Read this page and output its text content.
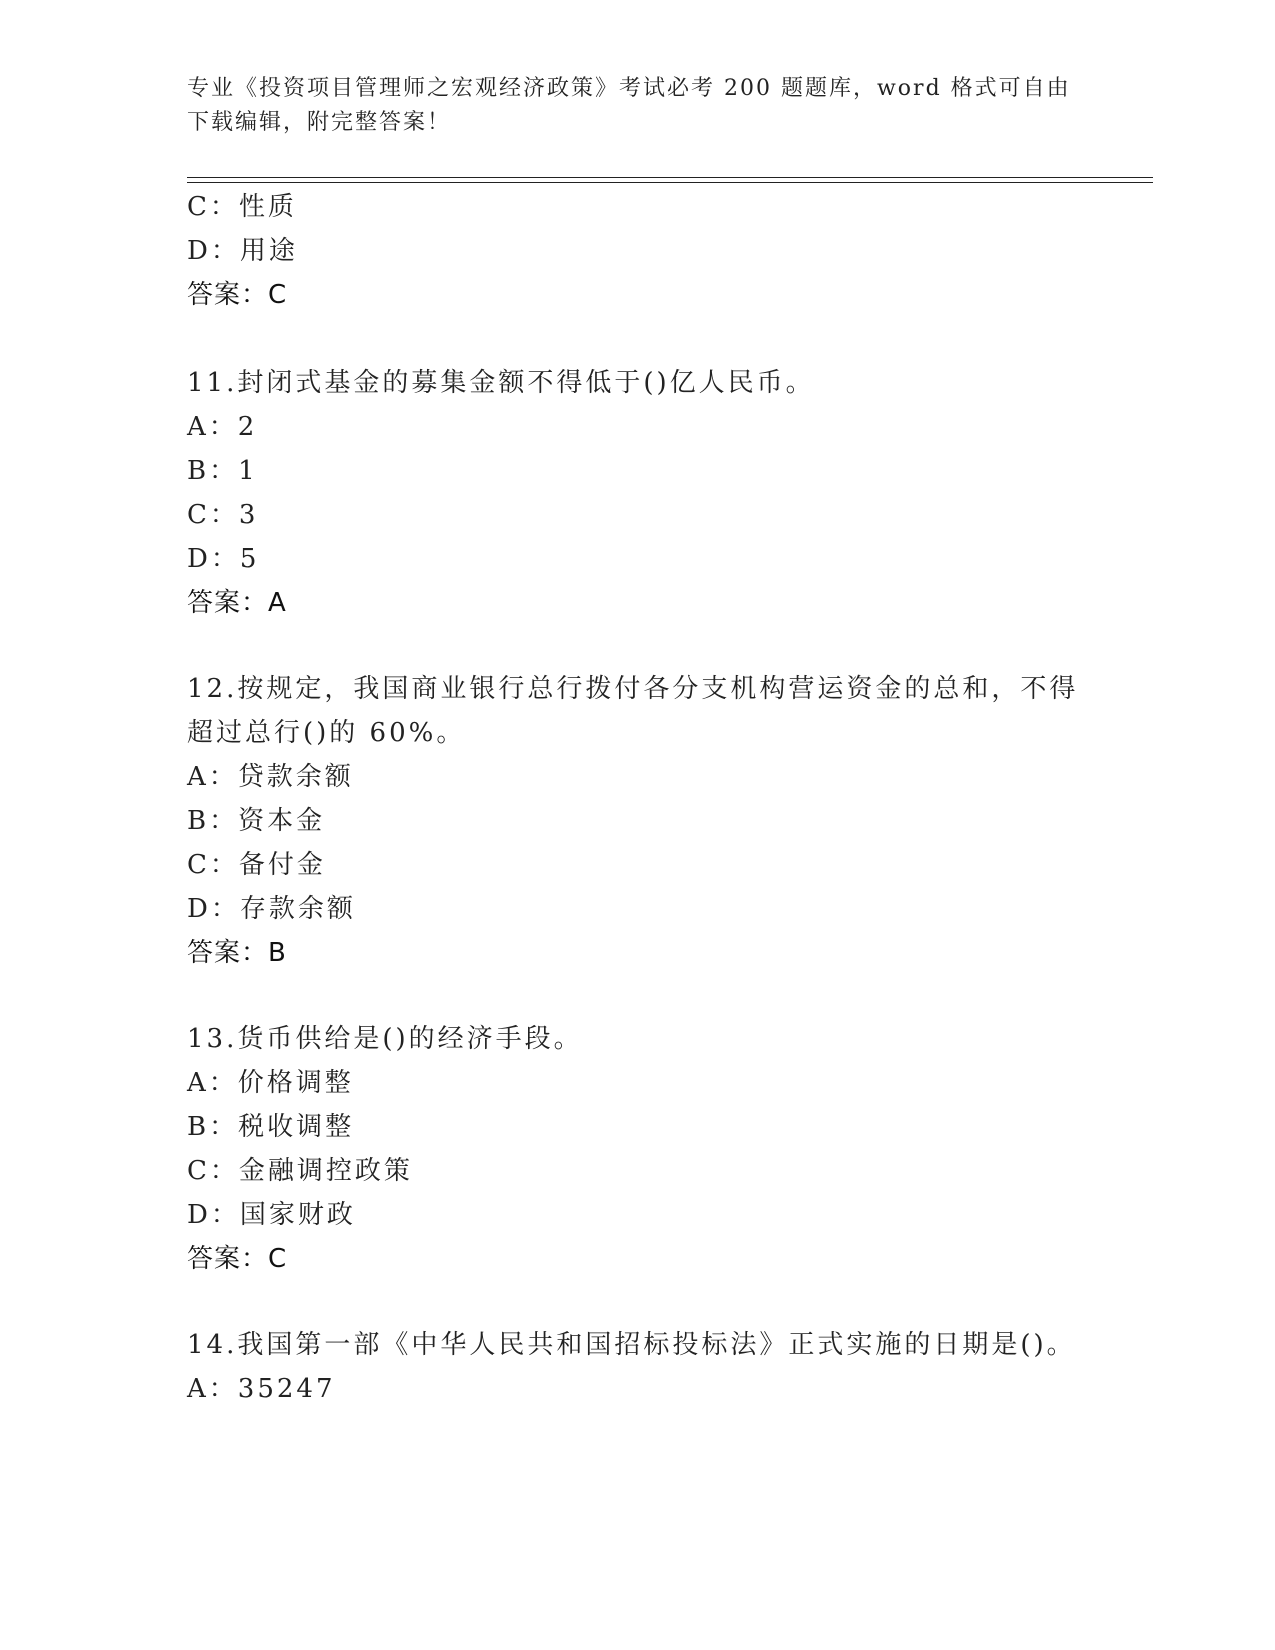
专业《投资项目管理师之宏观经济政策》考试必考 200 题题库，word 格式可自由
下载编辑，附完整答案！
C：性质
D：用途
答案：C
11.封闭式基金的募集金额不得低于()亿人民币。
A：2
B：1
C：3
D：5
答案：A
12.按规定，我国商业银行总行拨付各分支机构营运资金的总和，不得
超过总行()的 60%。
A：贷款余额
B：资本金
C：备付金
D：存款余额
答案：B
13.货币供给是()的经济手段。
A：价格调整
B：税收调整
C：金融调控政策
D：国家财政
答案：C
14.我国第一部《中华人民共和国招标投标法》正式实施的日期是()。
A：35247
